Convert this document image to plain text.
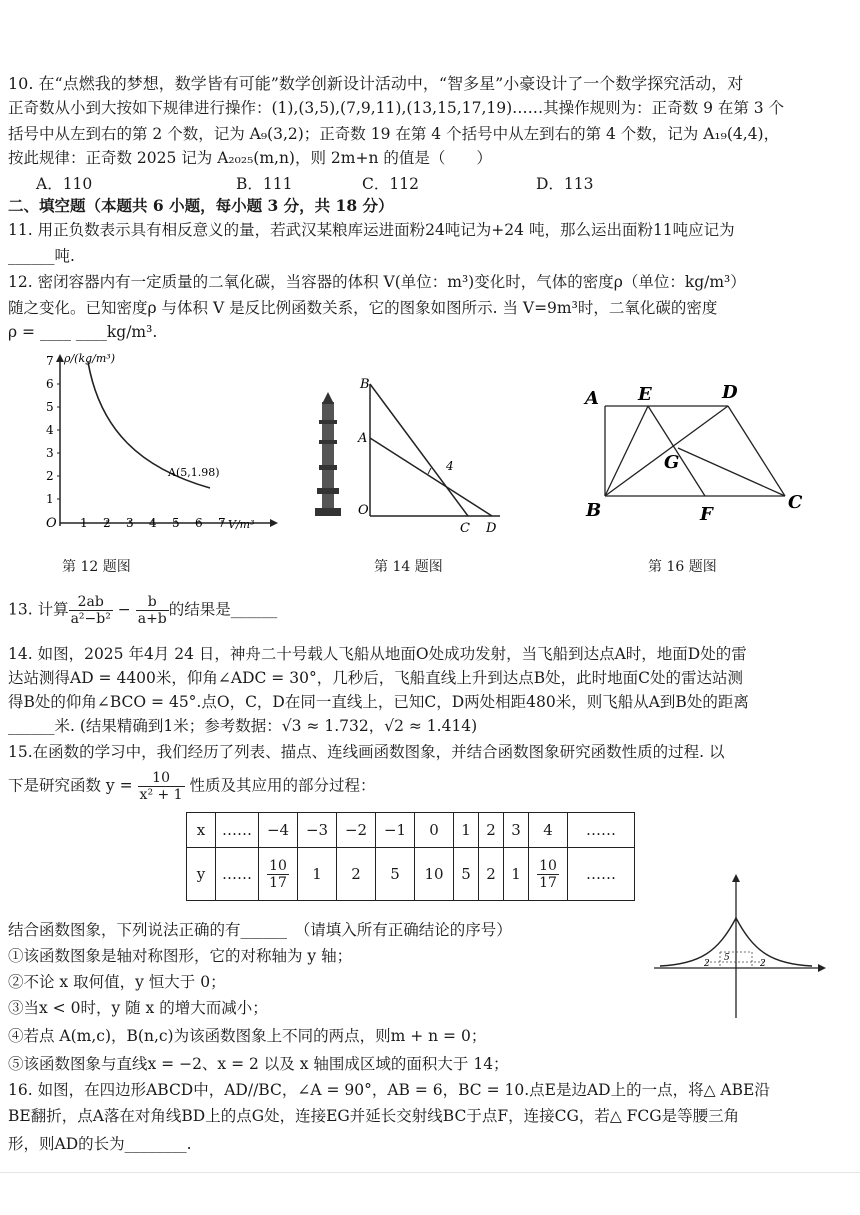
10. 在“点燃我的梦想，数学皆有可能”数学创新设计活动中，“智多星”小豪设计了一个数学探究活动，对
正奇数从小到大按如下规律进行操作：(1),(3,5),(7,9,11),(13,15,17,19)……其操作规则为：正奇数 9 在第 3 个
括号中从左到右的第 2 个数，记为 A₉(3,2)；正奇数 19 在第 4 个括号中从左到右的第 4 个数，记为 A₁₉(4,4)，
按此规律：正奇数 2025 记为 A₂₀₂₅(m,n)，则 2m+n 的值是（　　）
A．110	B．111	C．112	D．113
二、填空题（本题共 6 小题，每小题 3 分，共 18 分）
11. 用正负数表示具有相反意义的量，若武汉某粮库运进面粉24吨记为+24 吨，那么运出面粉11吨应记为
______吨.
12. 密闭容器内有一定质量的二氧化碳，当容器的体积 V(单位：m³)变化时，气体的密度ρ（单位：kg/m³）
随之变化。已知密度ρ 与体积 V 是反比例函数关系，它的图象如图所示. 当 V=9m³时，二氧化碳的密度
ρ = ____ ____kg/m³.
1
2
3
4
5
6
7
1 2 3 4 5 6 7
O	V/m³
ρ/(kg/m³)
A(5,1.98)
第 12 题图
B
A
O
C D
4
第 14 题图
A E	D
G
B	F
C
第 16 题图
13. 计算 $\frac{2ab}{\text{a²−b²}} - \frac{b}{a+b}$ 的结果是______
14. 如图，2025 年4月 24 日，神舟二十号载人飞船从地面O处成功发射，当飞船到达点A时，地面D处的雷
达站测得AD = 4400米，仰角∠ADC = 30°，几秒后，飞船直线上升到达点B处，此时地面C处的雷达站测
得B处的仰角∠BCO = 45°.点O，C，D在同一直线上，已知C，D两处相距480米，则飞船从A到B处的距离
______米. (结果精确到1米；参考数据：√3 ≈ 1.732，√2 ≈ 1.414)
15.在函数的学习中，我们经历了列表、描点、连线画函数图象，并结合函数图象研究函数性质的过程. 以
下是研究函数 $y = \frac{10}{\text{x² + 1}}$ 性质及其应用的部分过程：
x	……	−4	−3	−2	−1	0	1	2	3	4	……
y	……	$\frac{10}{17}$	1	2	5	10	5	2	1	$\frac{10}{17}$	……
5
2	2
结合函数图象，下列说法正确的有______　（请填入所有正确结论的序号）
①该函数图象是轴对称图形，它的对称轴为 y 轴；
②不论 x 取何值，y 恒大于 0；
③当x < 0时，y 随 x 的增大而减小；
④若点 A(m,c)，B(n,c)为该函数图象上不同的两点，则m + n = 0；
⑤该函数图象与直线x = −2、x = 2 以及 x 轴围成区域的面积大于 14；
16. 如图，在四边形ABCD中，AD//BC，∠A = 90°，AB = 6，BC = 10.点E是边AD上的一点，将△ ABE沿
BE翻折，点A落在对角线BD上的点G处，连接EG并延长交射线BC于点F，连接CG，若△ FCG是等腰三角
形，则AD的长为________.
